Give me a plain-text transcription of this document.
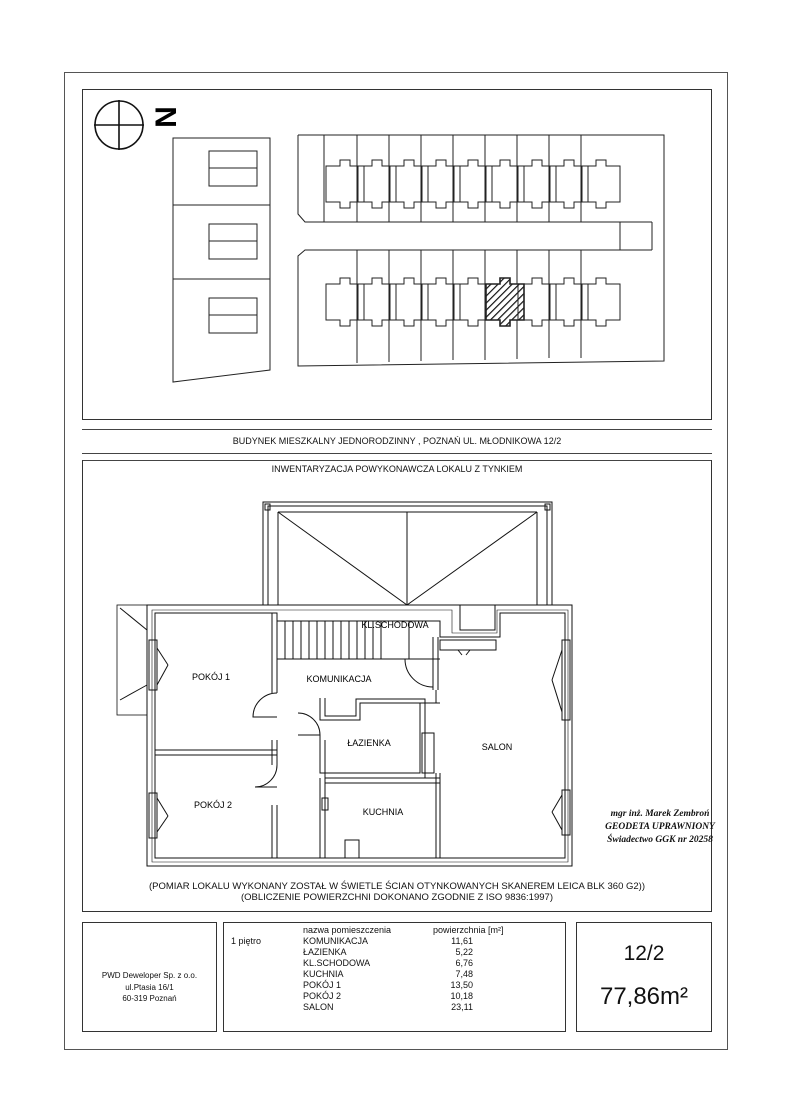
N
BUDYNEK MIESZKALNY JEDNORODZINNY , POZNAŃ UL. MŁODNIKOWA 12/2
INWENTARYZACJA POWYKONAWCZA LOKALU Z TYNKIEM
POKÓJ 1
POKÓJ 2
KOMUNIKACJA
ŁAZIENKA
KUCHNIA
KL.SCHODOWA
SALON
mgr inż. Marek Zembroń
GEODETA UPRAWNIONY
Świadectwo GGK nr 20258
(POMIAR LOKALU WYKONANY ZOSTAŁ W ŚWIETLE ŚCIAN OTYNKOWANYCH SKANEREM LEICA BLK 360 G2))
(OBLICZENIE POWIERZCHNI DOKONANO ZGODNIE Z ISO 9836:1997)
PWD Deweloper Sp. z o.o.
ul.Ptasia 16/1
60-319 Poznań
nazwa pomieszczenia	powierzchnia [m²]
1 piętro	KOMUNIKACJA	11,61
ŁAZIENKA	5,22
KL.SCHODOWA	6,76
KUCHNIA	7,48
POKÓJ 1	13,50
POKÓJ 2	10,18
SALON	23,11
12/2
77,86m²
